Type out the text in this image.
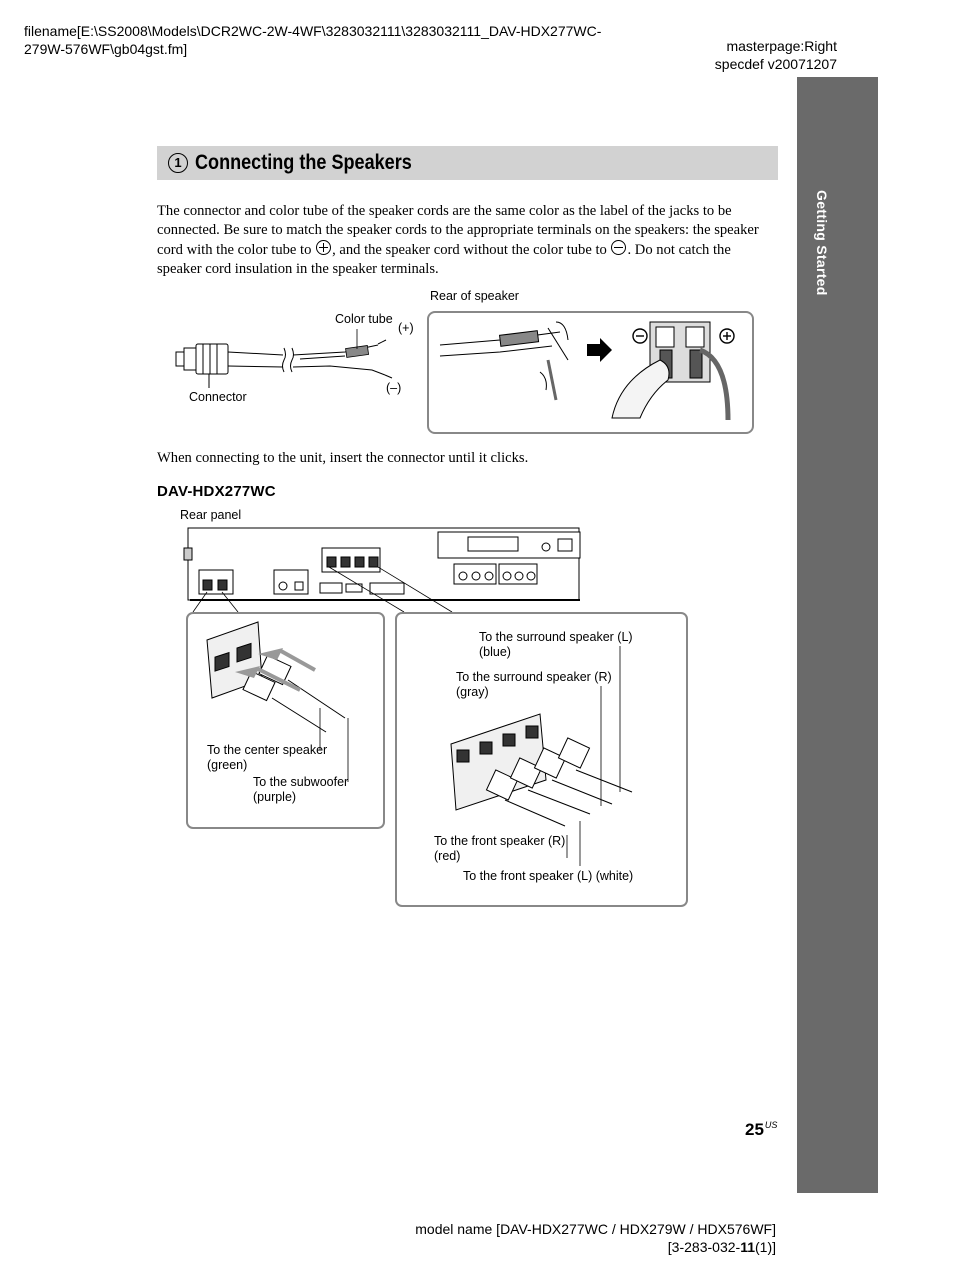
filename[E:\SS2008\Models\DCR2WC-2W-4WF\3283032111\3283032111_DAV-HDX277WC-
279W-576WF\gb04gst.fm]	masterpage:Right
specdef v20071207
Getting Started
1 Connecting the Speakers
The connector and color tube of the speaker cords are the same color as the label of the jacks to be connected. Be sure to match the speaker cords to the appropriate terminals on the speakers: the speaker cord with the color tube to , and the speaker cord without the color tube to . Do not catch the speaker cord insulation in the speaker terminals.
Rear of speaker
Color tube
(+)
(–)
Connector
When connecting to the unit, insert the connector until it clicks.
DAV-HDX277WC
Rear panel
To the center speaker
(green)
To the subwoofer
(purple)
To the surround speaker (L)
(blue)
To the surround speaker (R)
(gray)
To the front speaker (R)
(red)
To the front speaker (L) (white)
$25^{US}$
model name [DAV-HDX277WC / HDX279W / HDX576WF]
[3-283-032-11(1)]
